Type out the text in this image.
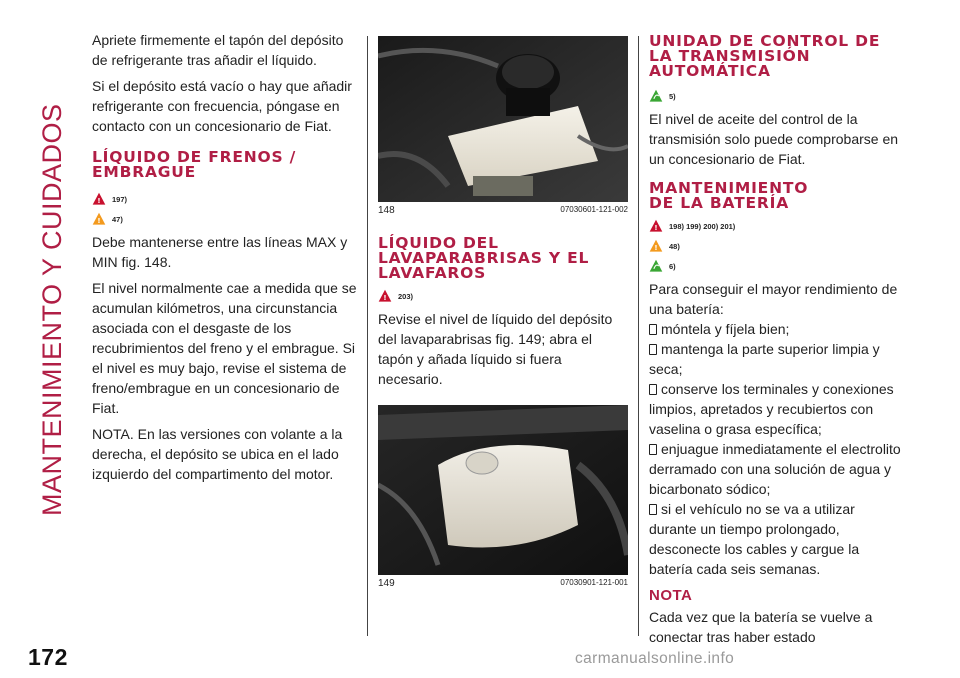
MANTENIMIENTO Y CUIDADOS
172

Apriete firmemente el tapón del depósito de refrigerante tras añadir el líquido.

Si el depósito está vacío o hay que añadir refrigerante con frecuencia, póngase en contacto con un concesionario de Fiat.

LÍQUIDO DE FRENOS / EMBRAGUE
! 197)
! 47)

Debe mantenerse entre las líneas MAX y MIN fig. 148.

El nivel normalmente cae a medida que se acumulan kilómetros, una circunstancia asociada con el desgaste de los recubrimientos del freno y el embrague. Si el nivel es muy bajo, revise el sistema de freno/embrague en un concesionario de Fiat.

NOTA. En las versiones con volante a la derecha, el depósito se ubica en el lado izquierdo del compartimento del motor.

148	07030601-121-002
LÍQUIDO DEL LAVAPARABRISAS Y EL LAVAFAROS
! 203)

Revise el nivel de líquido del depósito del lavaparabrisas fig. 149; abra el tapón y añada líquido si fuera necesario.

149	07030901-121-001
UNIDAD DE CONTROL DE LA TRANSMISIÓN AUTOMÁTICA
5)

El nivel de aceite del control de la transmisión solo puede comprobarse en un concesionario de Fiat.

MANTENIMIENTO DE LA BATERÍA
! 198) 199) 200) 201)
! 48)
6)

Para conseguir el mayor rendimiento de una batería:

móntela y fíjela bien;

mantenga la parte superior limpia y seca;

conserve los terminales y conexiones limpios, apretados y recubiertos con vaselina o grasa específica;

enjuague inmediatamente el electrolito derramado con una solución de agua y bicarbonato sódico;

si el vehículo no se va a utilizar durante un tiempo prolongado, desconecte los cables y cargue la batería cada seis semanas.

NOTA

Cada vez que la batería se vuelve a conectar tras haber estado

carmanualsonline.info
